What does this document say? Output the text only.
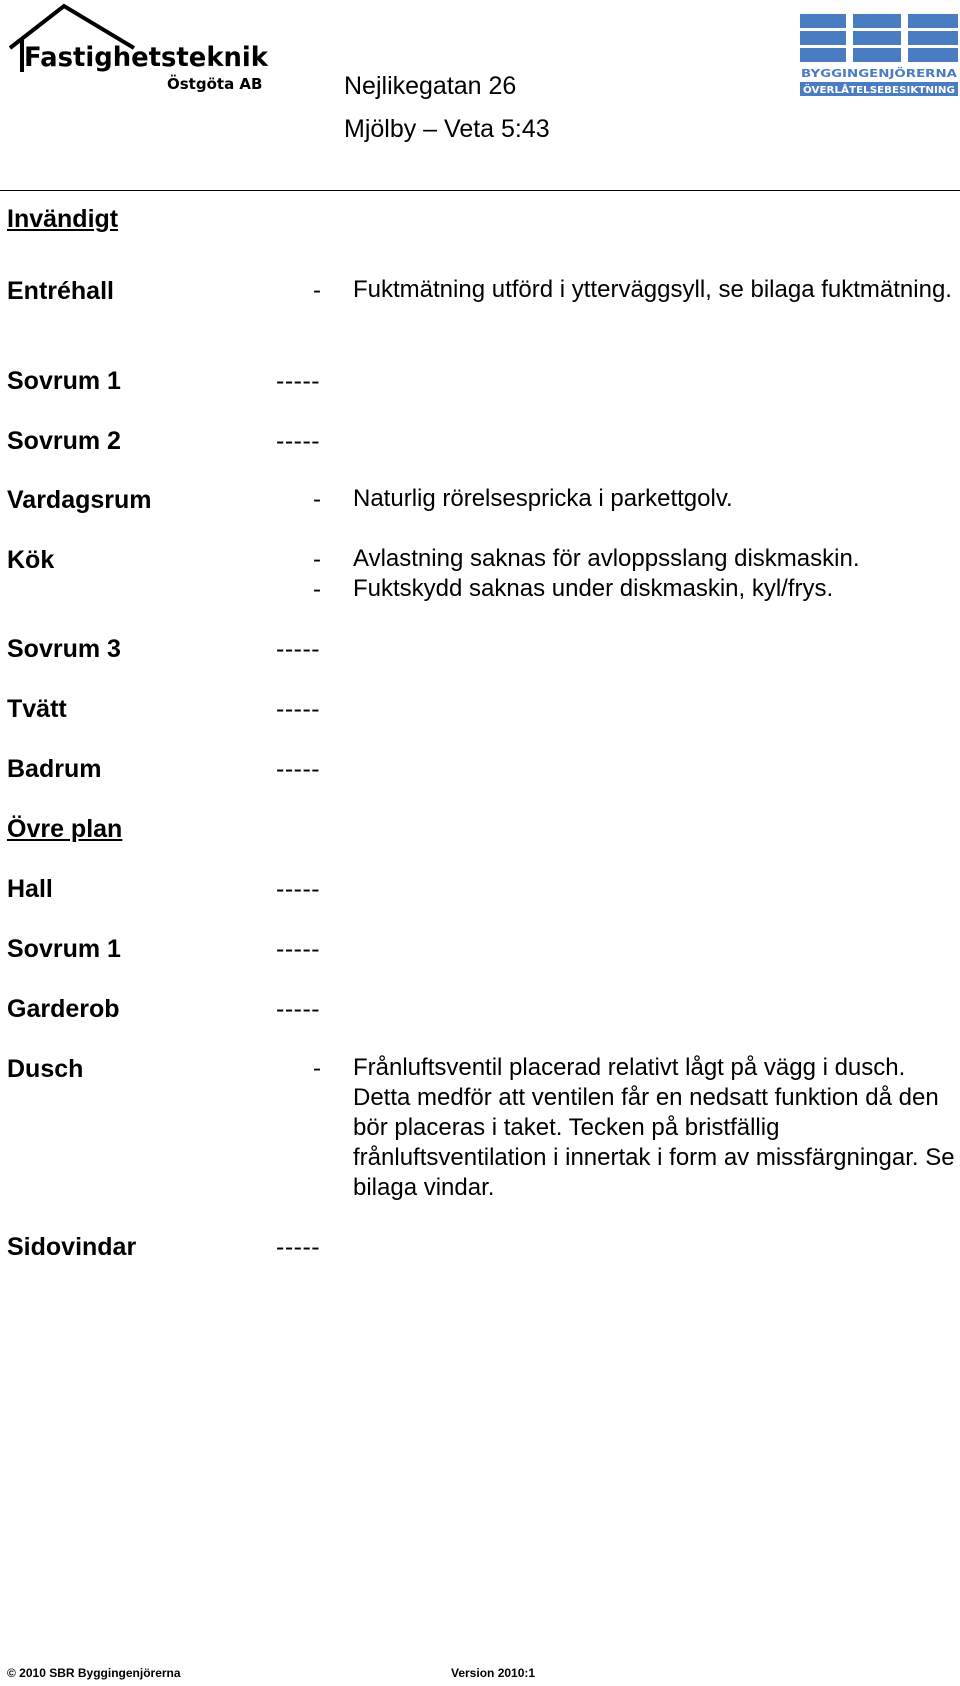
Fastighetsteknik
Östgöta AB
BYGGINGENJÖRERNA
ÖVERLÅTELSEBESIKTNING
Nejlikegatan 26
Mjölby – Veta 5:43
Invändigt
Entréhall	- Fuktmätning utförd i ytterväggsyll, se bilaga fuktmätning.
Sovrum 1	-----
Sovrum 2	-----
Vardagsrum	- Naturlig rörelsespricka i parkettgolv.
Kök	- Avlastning saknas för avloppsslang diskmaskin.
- Fuktskydd saknas under diskmaskin, kyl/frys.
Sovrum 3	-----
Tvätt	-----
Badrum	-----
Övre plan
Hall	-----
Sovrum 1	-----
Garderob	-----
Dusch	- Frånluftsventil placerad relativt lågt på vägg i dusch. Detta medför att ventilen får en nedsatt funktion då den bör placeras i taket. Tecken på bristfällig frånluftsventilation i innertak i form av missfärgningar. Se bilaga vindar.
Sidovindar	-----
© 2010 SBR Byggingenjörerna	Version 2010:1
